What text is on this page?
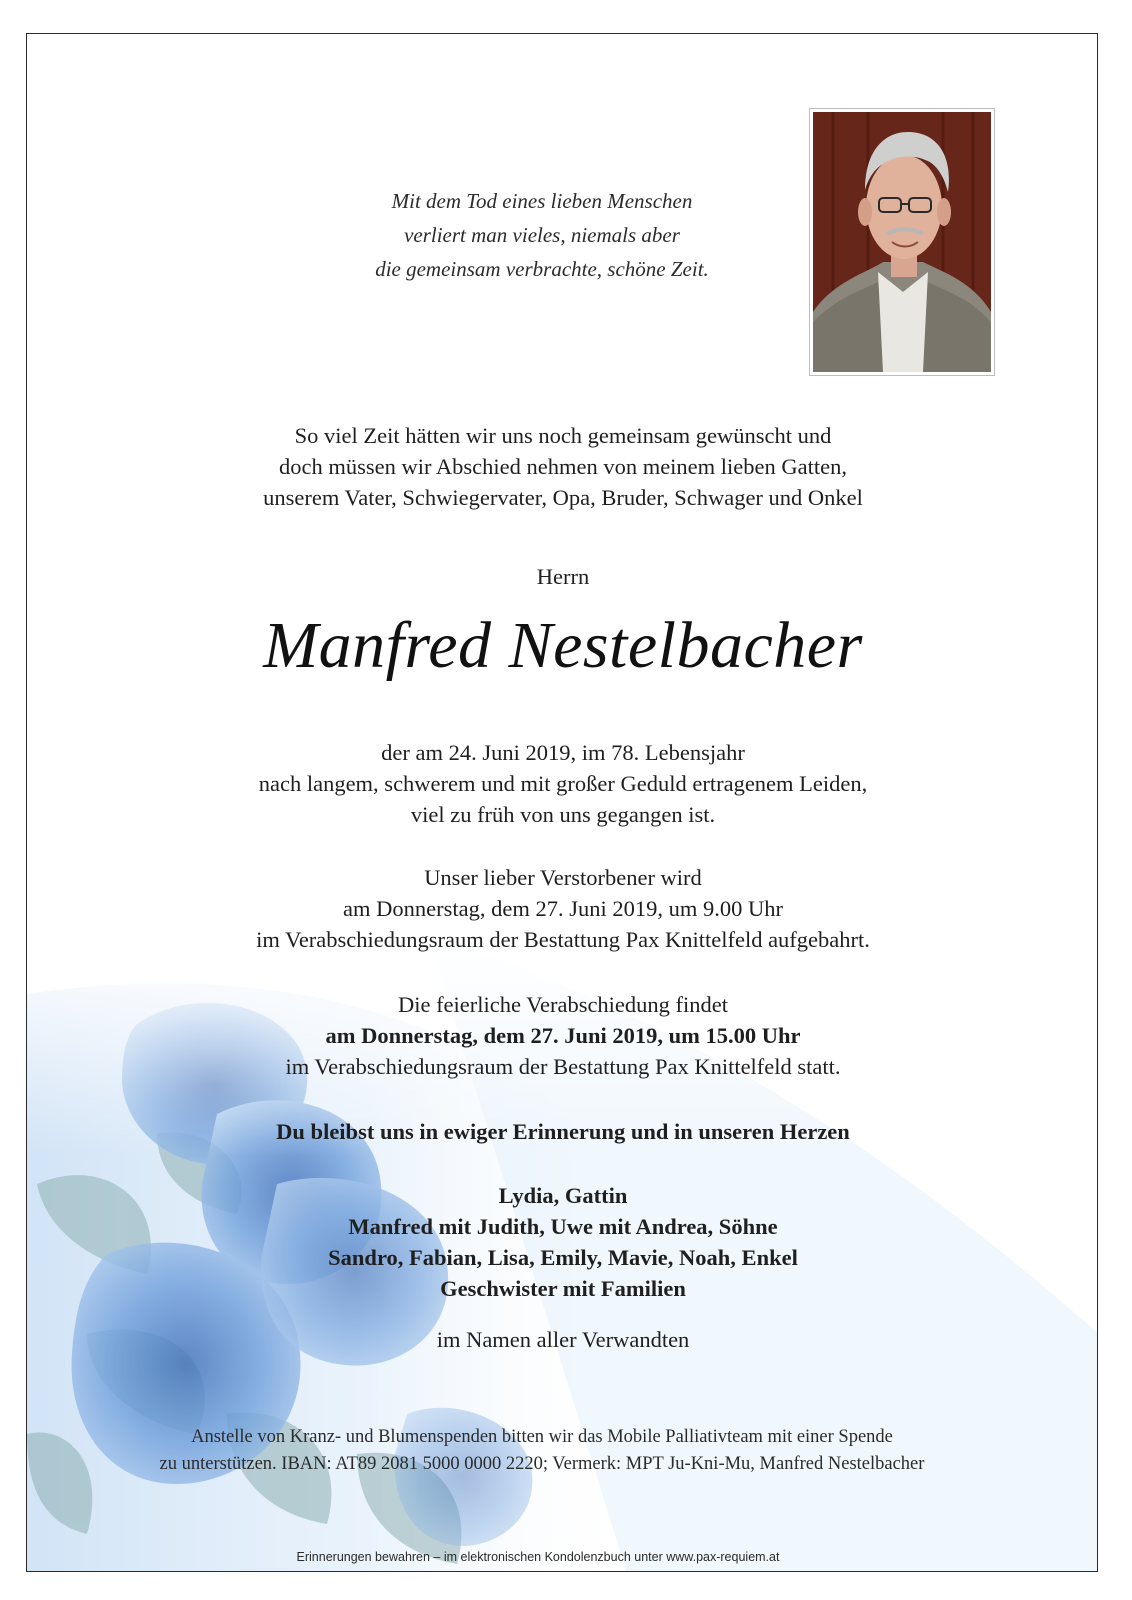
Mit dem Tod eines lieben Menschen
verliert man vieles, niemals aber
die gemeinsam verbrachte, schöne Zeit.
So viel Zeit hätten wir uns noch gemeinsam gewünscht und
doch müssen wir Abschied nehmen von meinem lieben Gatten,
unserem Vater, Schwiegervater, Opa, Bruder, Schwager und Onkel
Herrn
Manfred Nestelbacher
der am 24. Juni 2019, im 78. Lebensjahr
nach langem, schwerem und mit großer Geduld ertragenem Leiden,
viel zu früh von uns gegangen ist.
Unser lieber Verstorbener wird
am Donnerstag, dem 27. Juni 2019, um 9.00 Uhr
im Verabschiedungsraum der Bestattung Pax Knittelfeld aufgebahrt.
Die feierliche Verabschiedung findet
am Donnerstag, dem 27. Juni 2019, um 15.00 Uhr
im Verabschiedungsraum der Bestattung Pax Knittelfeld statt.
Du bleibst uns in ewiger Erinnerung und in unseren Herzen
Lydia, Gattin
Manfred mit Judith, Uwe mit Andrea, Söhne
Sandro, Fabian, Lisa, Emily, Mavie, Noah, Enkel
Geschwister mit Familien
im Namen aller Verwandten
Anstelle von Kranz- und Blumenspenden bitten wir das Mobile Palliativteam mit einer Spende
zu unterstützen. IBAN: AT89 2081 5000 0000 2220; Vermerk: MPT Ju-Kni-Mu, Manfred Nestelbacher
Erinnerungen bewahren – im elektronischen Kondolenzbuch unter www.pax-requiem.at
